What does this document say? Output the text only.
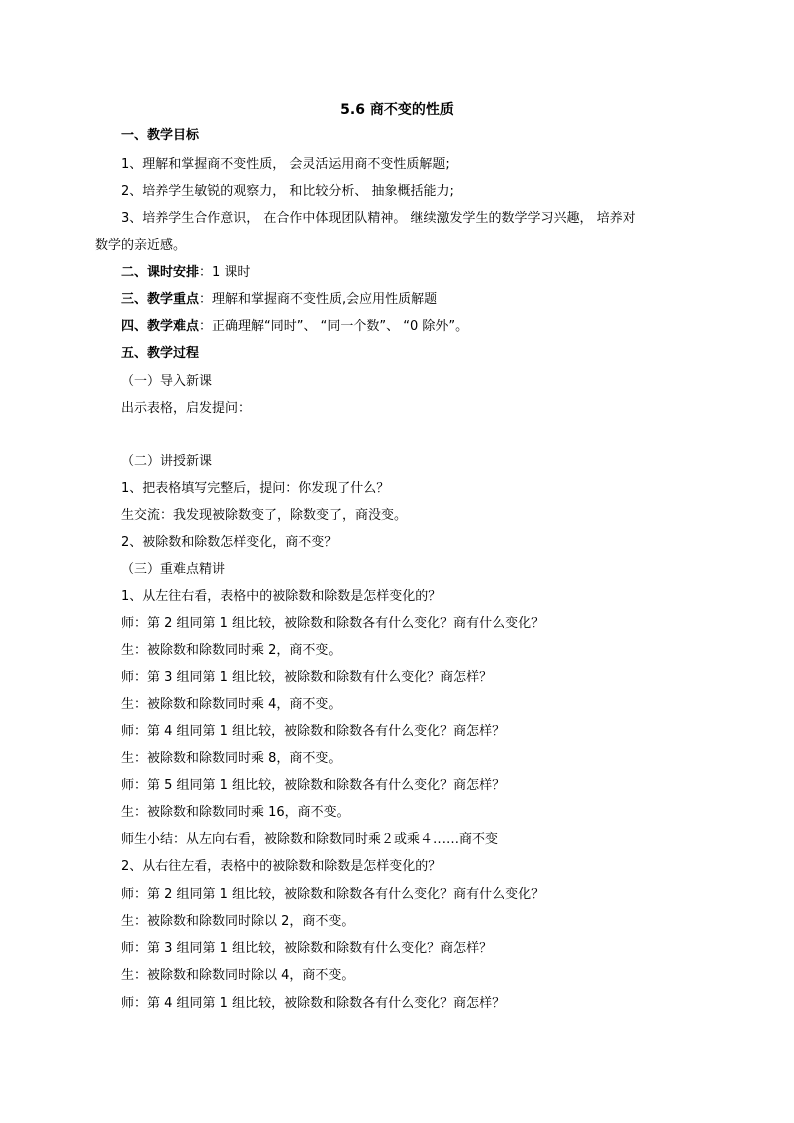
5.6 商不变的性质
一、教学目标
1、理解和掌握商不变性质， 会灵活运用商不变性质解题;
2、培养学生敏锐的观察力， 和比较分析、 抽象概括能力;
3、培养学生合作意识， 在合作中体现团队精神。 继续激发学生的数学学习兴趣， 培养对
数学的亲近感。
二、课时安排：1 课时
三、教学重点：理解和掌握商不变性质,会应用性质解题
四、教学难点：正确理解“同时”、 “同一个数”、 “0 除外”。
五、教学过程
（一）导入新课
出示表格，启发提问：
（二）讲授新课
1、把表格填写完整后，提问：你发现了什么？
生交流：我发现被除数变了，除数变了，商没变。
2、被除数和除数怎样变化，商不变？
（三）重难点精讲
1、从左往右看，表格中的被除数和除数是怎样变化的？
师：第 2 组同第 1 组比较，被除数和除数各有什么变化？商有什么变化？
生：被除数和除数同时乘 2，商不变。
师：第 3 组同第 1 组比较，被除数和除数有什么变化？商怎样？
生：被除数和除数同时乘 4，商不变。
师：第 4 组同第 1 组比较，被除数和除数各有什么变化？商怎样？
生：被除数和除数同时乘 8，商不变。
师：第 5 组同第 1 组比较，被除数和除数各有什么变化？商怎样？
生：被除数和除数同时乘 16，商不变。
师生小结：从左向右看，被除数和除数同时乘２或乘４……商不变
2、从右往左看，表格中的被除数和除数是怎样变化的？
师：第 2 组同第 1 组比较，被除数和除数各有什么变化？商有什么变化？
生：被除数和除数同时除以 2，商不变。
师：第 3 组同第 1 组比较，被除数和除数有什么变化？商怎样？
生：被除数和除数同时除以 4，商不变。
师：第 4 组同第 1 组比较，被除数和除数各有什么变化？商怎样？
